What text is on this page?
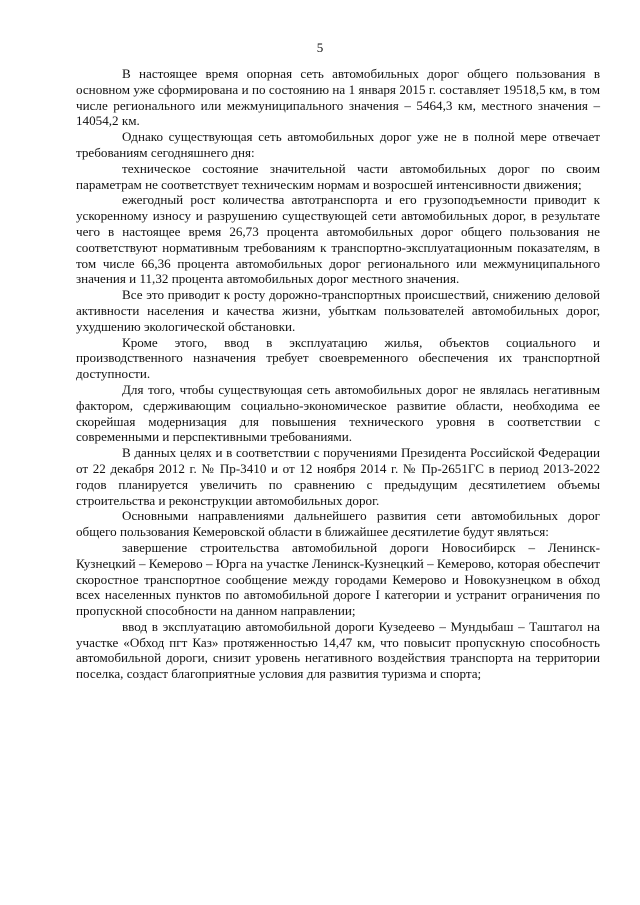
5

В настоящее время опорная сеть автомобильных дорог общего пользования в основном уже сформирована и по состоянию на 1 января 2015 г. составляет 19518,5 км, в том числе регионального или межмуниципального значения – 5464,3 км, местного значения – 14054,2 км.

Однако существующая сеть автомобильных дорог уже не в полной мере отвечает требованиям сегодняшнего дня:

техническое состояние значительной части автомобильных дорог по своим параметрам не соответствует техническим нормам и возросшей интенсивности движения;

ежегодный рост количества автотранспорта и его грузоподъемности приводит к ускоренному износу и разрушению существующей сети автомобильных дорог, в результате чего в настоящее время 26,73 процента автомобильных дорог общего пользования не соответствуют нормативным требованиям к транспортно-эксплуатационным показателям, в том числе 66,36 процента автомобильных дорог регионального или межмуниципального значения и 11,32 процента автомобильных дорог местного значения.

Все это приводит к росту дорожно-транспортных происшествий, снижению деловой активности населения и качества жизни, убыткам пользователей автомобильных дорог, ухудшению экологической обстановки.

Кроме этого, ввод в эксплуатацию жилья, объектов социального и производственного назначения требует своевременного обеспечения их транспортной доступности.

Для того, чтобы существующая сеть автомобильных дорог не являлась негативным фактором, сдерживающим социально-экономическое развитие области, необходима ее скорейшая модернизация для повышения технического уровня в соответствии с современными и перспективными требованиями.

В данных целях и в соответствии с поручениями Президента Российской Федерации от 22 декабря 2012 г. № Пр-3410 и от 12 ноября 2014 г. № Пр-2651ГС в период 2013-2022 годов планируется увеличить по сравнению с предыдущим десятилетием объемы строительства и реконструкции автомобильных дорог.

Основными направлениями дальнейшего развития сети автомобильных дорог общего пользования Кемеровской области в ближайшее десятилетие будут являться:

завершение строительства автомобильной дороги Новосибирск – Ленинск-Кузнецкий – Кемерово – Юрга на участке Ленинск-Кузнецкий – Кемерово, которая обеспечит скоростное транспортное сообщение между городами Кемерово и Новокузнецком в обход всех населенных пунктов по автомобильной дороге I категории и устранит ограничения по пропускной способности на данном направлении;

ввод в эксплуатацию автомобильной дороги Кузедеево – Мундыбаш – Таштагол на участке «Обход пгт Каз» протяженностью 14,47 км, что повысит пропускную способность автомобильной дороги, снизит уровень негативного воздействия транспорта на территории поселка, создаст благоприятные условия для развития туризма и спорта;
